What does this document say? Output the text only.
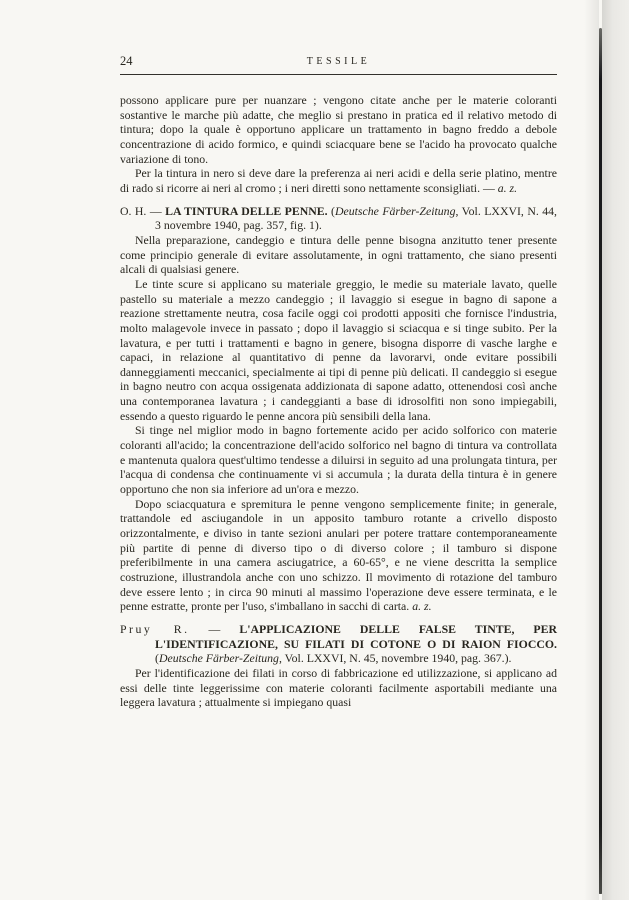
24	TESSILE

possono applicare pure per nuanzare ; vengono citate anche per le materie coloranti sostantive le marche più adatte, che meglio si prestano in pratica ed il relativo metodo di tintura; dopo la quale è opportuno applicare un trattamento in bagno freddo a debole concentrazione di acido formico, e quindi sciacquare bene se l'acido ha provocato qualche variazione di tono.

Per la tintura in nero si deve dare la preferenza ai neri acidi e della serie platino, mentre di rado si ricorre ai neri al cromo ; i neri diretti sono nettamente sconsigliati. — a. z.

O. H. — LA TINTURA DELLE PENNE. (Deutsche Färber-Zeitung, Vol. LXXVI, N. 44, 3 novembre 1940, pag. 357, fig. 1).

Nella preparazione, candeggio e tintura delle penne bisogna anzitutto tener presente come principio generale di evitare assolutamente, in ogni trattamento, che siano presenti alcali di qualsiasi genere.

Le tinte scure si applicano su materiale greggio, le medie su materiale lavato, quelle pastello su materiale a mezzo candeggio ; il lavaggio si esegue in bagno di sapone a reazione strettamente neutra, cosa facile oggi coi prodotti appositi che fornisce l'industria, molto malagevole invece in passato ; dopo il lavaggio si sciacqua e si tinge subito. Per la lavatura, e per tutti i trattamenti e bagno in genere, bisogna disporre di vasche larghe e capaci, in relazione al quantitativo di penne da lavorarvi, onde evitare possibili danneggiamenti meccanici, specialmente ai tipi di penne più delicati. Il candeggio si esegue in bagno neutro con acqua ossigenata addizionata di sapone adatto, ottenendosi così anche una contemporanea lavatura ; i candeggianti a base di idrosolfiti non sono impiegabili, essendo a questo riguardo le penne ancora più sensibili della lana.

Si tinge nel miglior modo in bagno fortemente acido per acido solforico con materie coloranti all'acido; la concentrazione dell'acido solforico nel bagno di tintura va controllata e mantenuta qualora quest'ultimo tendesse a diluirsi in seguito ad una prolungata tintura, per l'acqua di condensa che continuamente vi si accumula ; la durata della tintura è in genere opportuno che non sia inferiore ad un'ora e mezzo.

Dopo sciacquatura e spremitura le penne vengono semplicemente finite; in generale, trattandole ed asciugandole in un apposito tamburo rotante a crivello disposto orizzontalmente, e diviso in tante sezioni anulari per potere trattare contemporaneamente più partite di penne di diverso tipo o di diverso colore ; il tamburo si dispone preferibilmente in una camera asciugatrice, a 60-65°, e ne viene descritta la semplice costruzione, illustrandola anche con uno schizzo. Il movimento di rotazione del tamburo deve essere lento ; in circa 90 minuti al massimo l'operazione deve essere terminata, e le penne estratte, pronte per l'uso, s'imballano in sacchi di carta. a. z.

Pruy R. — L'APPLICAZIONE DELLE FALSE TINTE, PER L'IDENTIFICAZIONE, SU FILATI DI COTONE O DI RAION FIOCCO. (Deutsche Färber-Zeitung, Vol. LXXVI, N. 45, novembre 1940, pag. 367.).

Per l'identificazione dei filati in corso di fabbricazione ed utilizzazione, si applicano ad essi delle tinte leggerissime con materie coloranti facilmente asportabili mediante una leggera lavatura ; attualmente si impiegano quasi
